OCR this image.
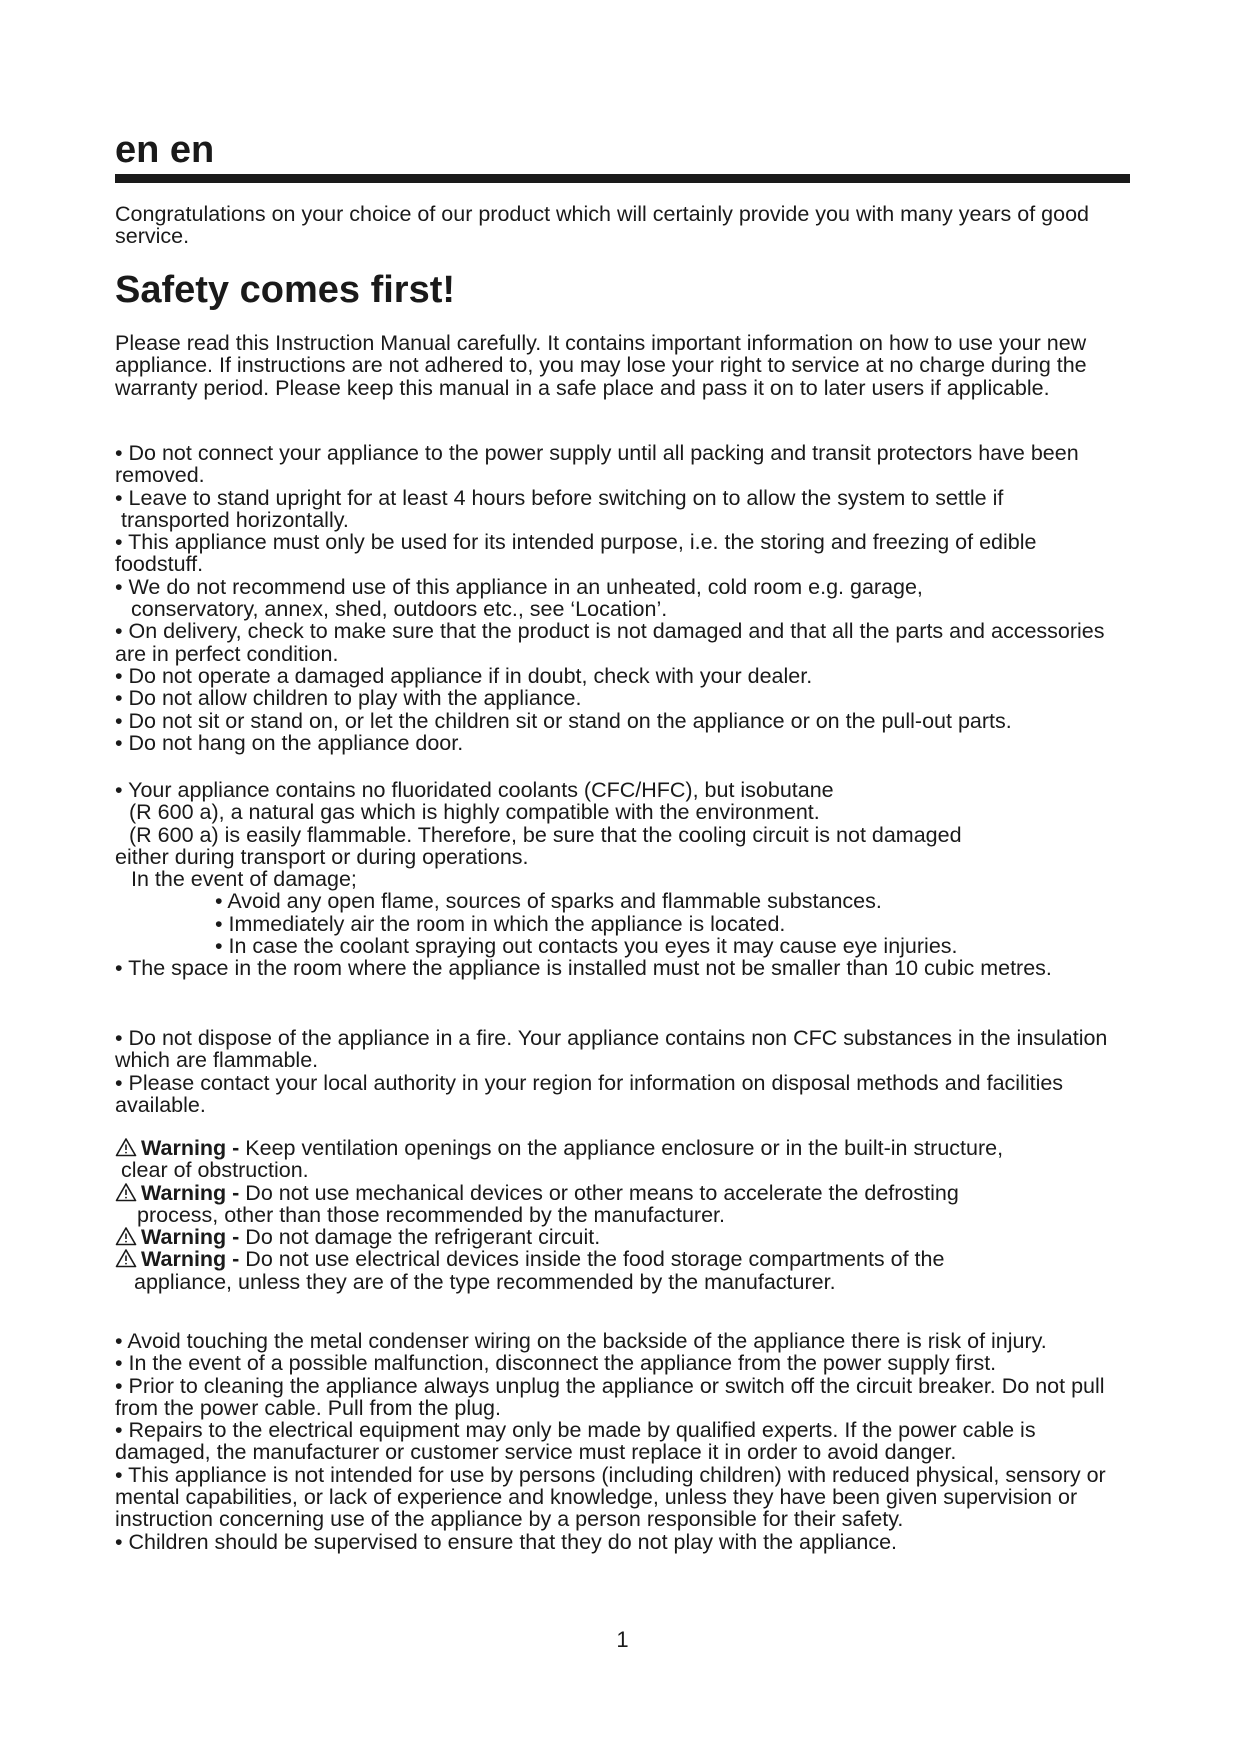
en en

Congratulations on your choice of our product which will certainly provide you with many years of good service.

Safety comes first!

Please read this Instruction Manual carefully. It contains important information on how to use your new appliance. If instructions are not adhered to, you may lose your right to service at no charge during the warranty period. Please keep this manual in a safe place and pass it on to later users if applicable.

• Do not connect your appliance to the power supply until all packing and transit protectors have been removed.

• Leave to stand upright for at least 4 hours before switching on to allow the system to settle if

transported horizontally.

• This appliance must only be used for its intended purpose, i.e. the storing and freezing of edible foodstuff.

• We do not recommend use of this appliance in an unheated, cold room e.g. garage,

conservatory, annex, shed, outdoors etc., see ‘Location’.

• On delivery, check to make sure that the product is not damaged and that all the parts and accessories are in perfect condition.

• Do not operate a damaged appliance if in doubt, check with your dealer.

• Do not allow children to play with the appliance.

• Do not sit or stand on, or let the children sit or stand on the appliance or on the pull-out parts.

• Do not hang on the appliance door.

• Your appliance contains no fluoridated coolants (CFC/HFC), but isobutane

(R 600 a), a natural gas which is highly compatible with the environment.

(R 600 a) is easily flammable. Therefore, be sure that the cooling circuit is not damaged

either during transport or during operations.

In the event of damage;

• Avoid any open flame, sources of sparks and flammable substances.

• Immediately air the room in which the appliance is located.

• In case the coolant spraying out contacts you eyes it may cause eye injuries.

• The space in the room where the appliance is installed must not be smaller than 10 cubic metres.

• Do not dispose of the appliance in a fire. Your appliance contains non CFC substances in the insulation which are flammable.

• Please contact your local authority in your region for information on disposal methods and facilities available.

Warning - Keep ventilation openings on the appliance enclosure or in the built-in structure,

clear of obstruction.

Warning - Do not use mechanical devices or other means to accelerate the defrosting

process, other than those recommended by the manufacturer.

Warning - Do not damage the refrigerant circuit.

Warning - Do not use electrical devices inside the food storage compartments of the

appliance, unless they are of the type recommended by the manufacturer.

• Avoid touching the metal condenser wiring on the backside of the appliance there is risk of injury.

• In the event of a possible malfunction, disconnect the appliance from the power supply first.

• Prior to cleaning the appliance always unplug the appliance or switch off the circuit breaker. Do not pull from the power cable. Pull from the plug.

• Repairs to the electrical equipment may only be made by qualified experts. If the power cable is damaged, the manufacturer or customer service must replace it in order to avoid danger.

• This appliance is not intended for use by persons (including children) with reduced physical, sensory or mental capabilities, or lack of experience and knowledge, unless they have been given supervision or instruction concerning use of the appliance by a person responsible for their safety.

• Children should be supervised to ensure that they do not play with the appliance.

1
